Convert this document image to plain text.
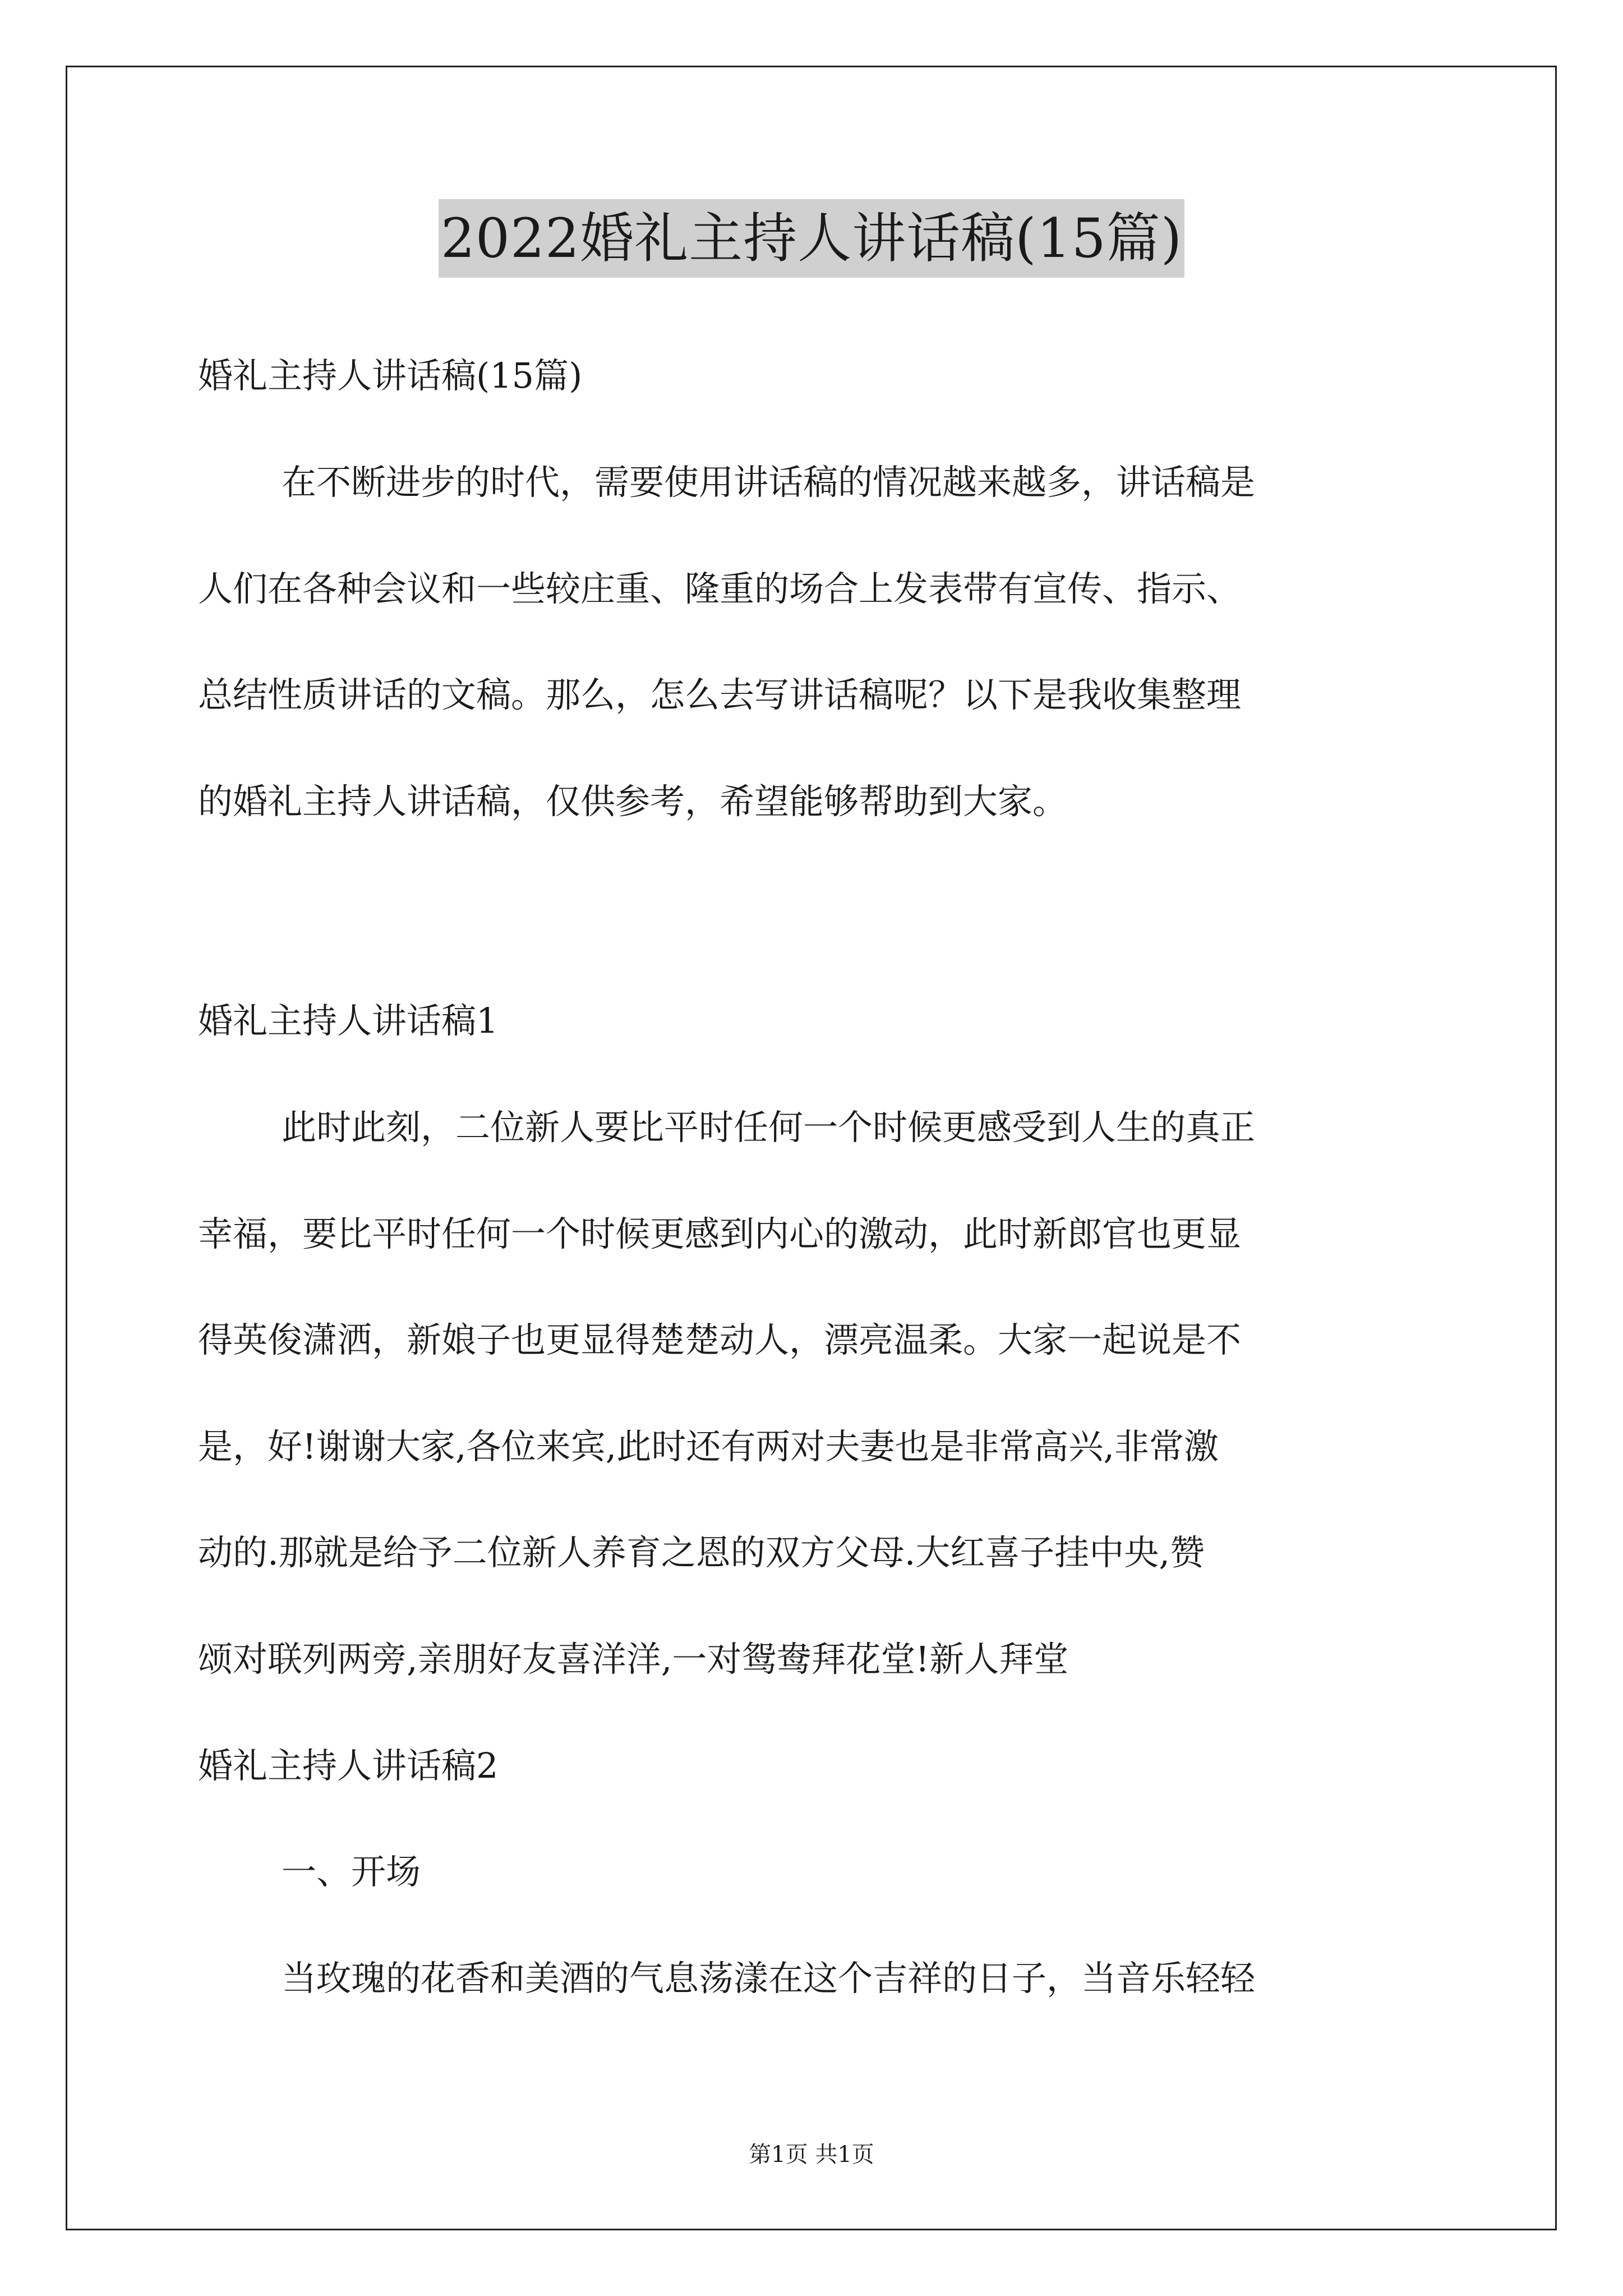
2022婚礼主持人讲话稿(15篇)
婚礼主持人讲话稿(15篇)
在不断进步的时代，需要使用讲话稿的情况越来越多，讲话稿是
人们在各种会议和一些较庄重、隆重的场合上发表带有宣传、指示、
总结性质讲话的文稿。那么，怎么去写讲话稿呢？以下是我收集整理
的婚礼主持人讲话稿，仅供参考，希望能够帮助到大家。
婚礼主持人讲话稿1
此时此刻，二位新人要比平时任何一个时候更感受到人生的真正
幸福，要比平时任何一个时候更感到内心的激动，此时新郎官也更显
得英俊潇洒，新娘子也更显得楚楚动人，漂亮温柔。大家一起说是不
是，好!谢谢大家,各位来宾,此时还有两对夫妻也是非常高兴,非常激
动的.那就是给予二位新人养育之恩的双方父母.大红喜子挂中央,赞
颂对联列两旁,亲朋好友喜洋洋,一对鸳鸯拜花堂!新人拜堂
婚礼主持人讲话稿2
一、开场
当玫瑰的花香和美酒的气息荡漾在这个吉祥的日子，当音乐轻轻
第1页 共1页
